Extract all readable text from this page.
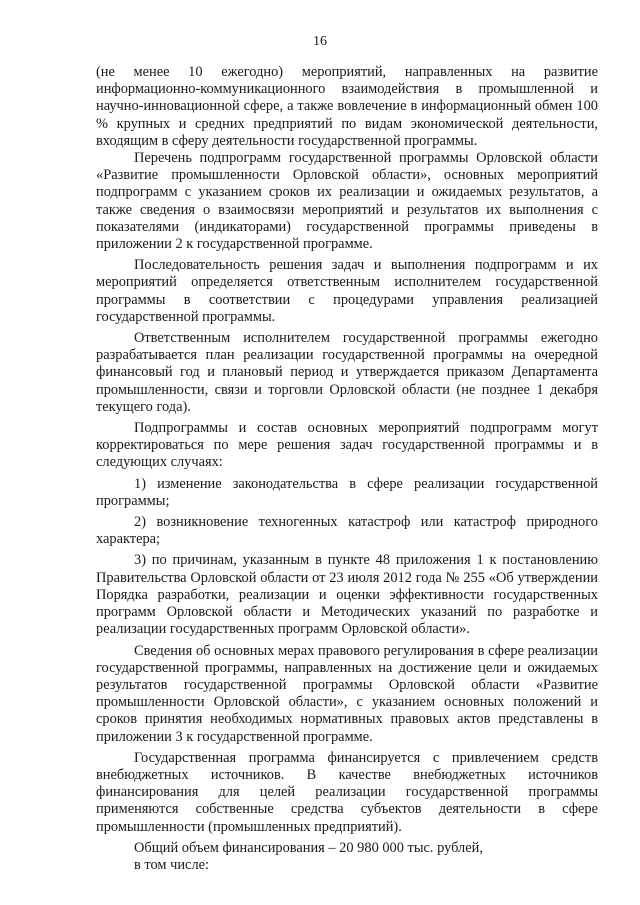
16

(не менее 10 ежегодно) мероприятий, направленных на развитие информационно-коммуникационного взаимодействия в промышленной и научно-инновационной сфере, а также вовлечение в информационный обмен 100 % крупных и средних предприятий по видам экономической деятельности, входящим в сферу деятельности государственной программы.

Перечень подпрограмм государственной программы Орловской области «Развитие промышленности Орловской области», основных мероприятий подпрограмм с указанием сроков их реализации и ожидаемых результатов, а также сведения о взаимосвязи мероприятий и результатов их выполнения с показателями (индикаторами) государственной программы приведены в приложении 2 к государственной программе.

Последовательность решения задач и выполнения подпрограмм и их мероприятий определяется ответственным исполнителем государственной программы в соответствии с процедурами управления реализацией государственной программы.

Ответственным исполнителем государственной программы ежегодно разрабатывается план реализации государственной программы на очередной финансовый год и плановый период и утверждается приказом Департамента промышленности, связи и торговли Орловской области (не позднее 1 декабря текущего года).

Подпрограммы и состав основных мероприятий подпрограмм могут корректироваться по мере решения задач государственной программы и в следующих случаях:

1) изменение законодательства в сфере реализации государственной программы;

2) возникновение техногенных катастроф или катастроф природного характера;

3) по причинам, указанным в пункте 48 приложения 1 к постановлению Правительства Орловской области от 23 июля 2012 года № 255 «Об утверждении Порядка разработки, реализации и оценки эффективности государственных программ Орловской области и Методических указаний по разработке и реализации государственных программ Орловской области».

Сведения об основных мерах правового регулирования в сфере реализации государственной программы, направленных на достижение цели и ожидаемых результатов государственной программы Орловской области «Развитие промышленности Орловской области», с указанием основных положений и сроков принятия необходимых нормативных правовых актов представлены в приложении 3 к государственной программе.

Государственная программа финансируется с привлечением средств внебюджетных источников. В качестве внебюджетных источников финансирования для целей реализации государственной программы применяются собственные средства субъектов деятельности в сфере промышленности (промышленных предприятий).

Общий объем финансирования – 20 980 000 тыс. рублей,

в том числе:
